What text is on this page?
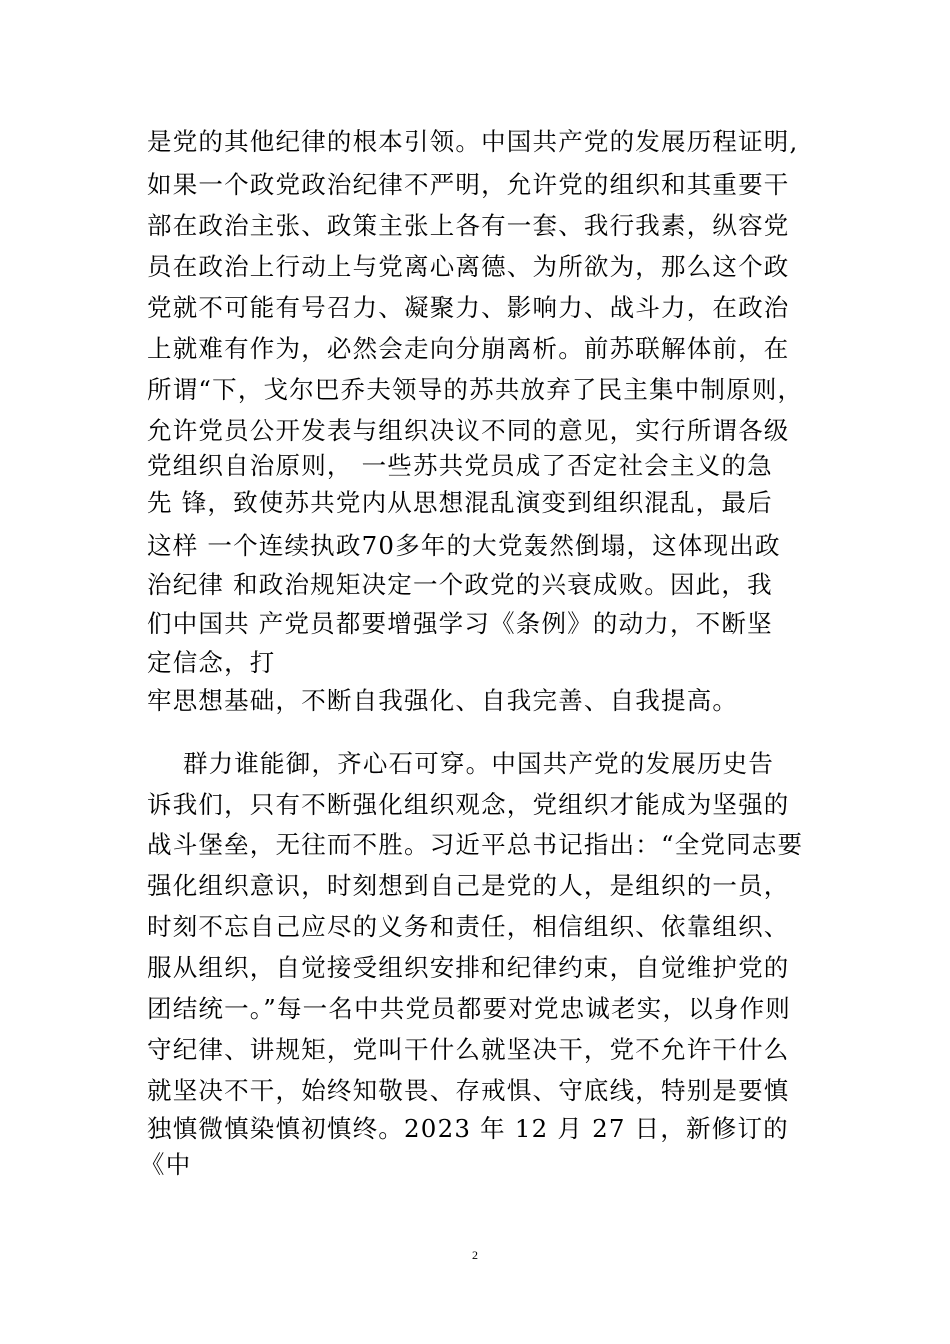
是党的其他纪律的根本引领。中国共产党的发展历程证明,
如果一个政党政治纪律不严明，允许党的组织和其重要干
部在政治主张、政策主张上各有一套、我行我素，纵容党
员在政治上行动上与党离心离德、为所欲为，那么这个政
党就不可能有号召力、凝聚力、影响力、战斗力，在政治
上就难有作为，必然会走向分崩离析。前苏联解体前，在
所谓“下，戈尔巴乔夫领导的苏共放弃了民主集中制原则，
允许党员公开发表与组织决议不同的意见，实行所谓各级
党组织自治原则， 一些苏共党员成了否定社会主义的急
先 锋，致使苏共党内从思想混乱演变到组织混乱，最后
这样 一个连续执政70多年的大党轰然倒塌，这体现出政
治纪律 和政治规矩决定一个政党的兴衰成败。因此，我
们中国共 产党员都要增强学习《条例》的动力，不断坚
定信念，打
牢思想基础，不断自我强化、自我完善、自我提高。
群力谁能御，齐心石可穿。中国共产党的发展历史告
诉我们，只有不断强化组织观念，党组织才能成为坚强的
战斗堡垒，无往而不胜。习近平总书记指出：“全党同志要
强化组织意识，时刻想到自己是党的人，是组织的一员，
时刻不忘自己应尽的义务和责任，相信组织、依靠组织、
服从组织，自觉接受组织安排和纪律约束，自觉维护党的
团结统一。”每一名中共党员都要对党忠诚老实，以身作则
守纪律、讲规矩，党叫干什么就坚决干，党不允许干什么
就坚决不干，始终知敬畏、存戒惧、守底线，特别是要慎
独慎微慎染慎初慎终。2023 年 12 月 27 日，新修订的
《中
2
